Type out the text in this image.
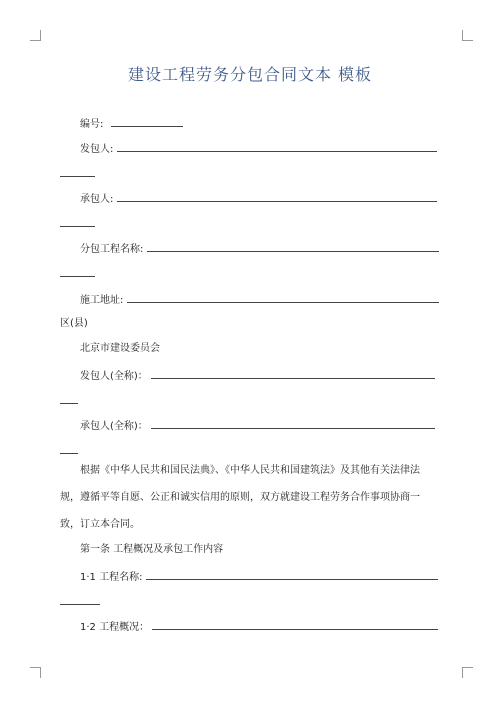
建设工程劳务分包合同文本 模板
编号:
发包人:
承包人:
分包工程名称:
施工地址:
区(县)
北京市建设委员会
发包人(全称)：
承包人(全称)：
根据《中华人民共和国民法典》、《中华人民共和国建筑法》及其他有关法律法规，遵循平等自愿、公正和诚实信用的原则，双方就建设工程劳务合作事项协商一致，订立本合同。
第一条 工程概况及承包工作内容
1·1 工程名称:
1·2 工程概况：
